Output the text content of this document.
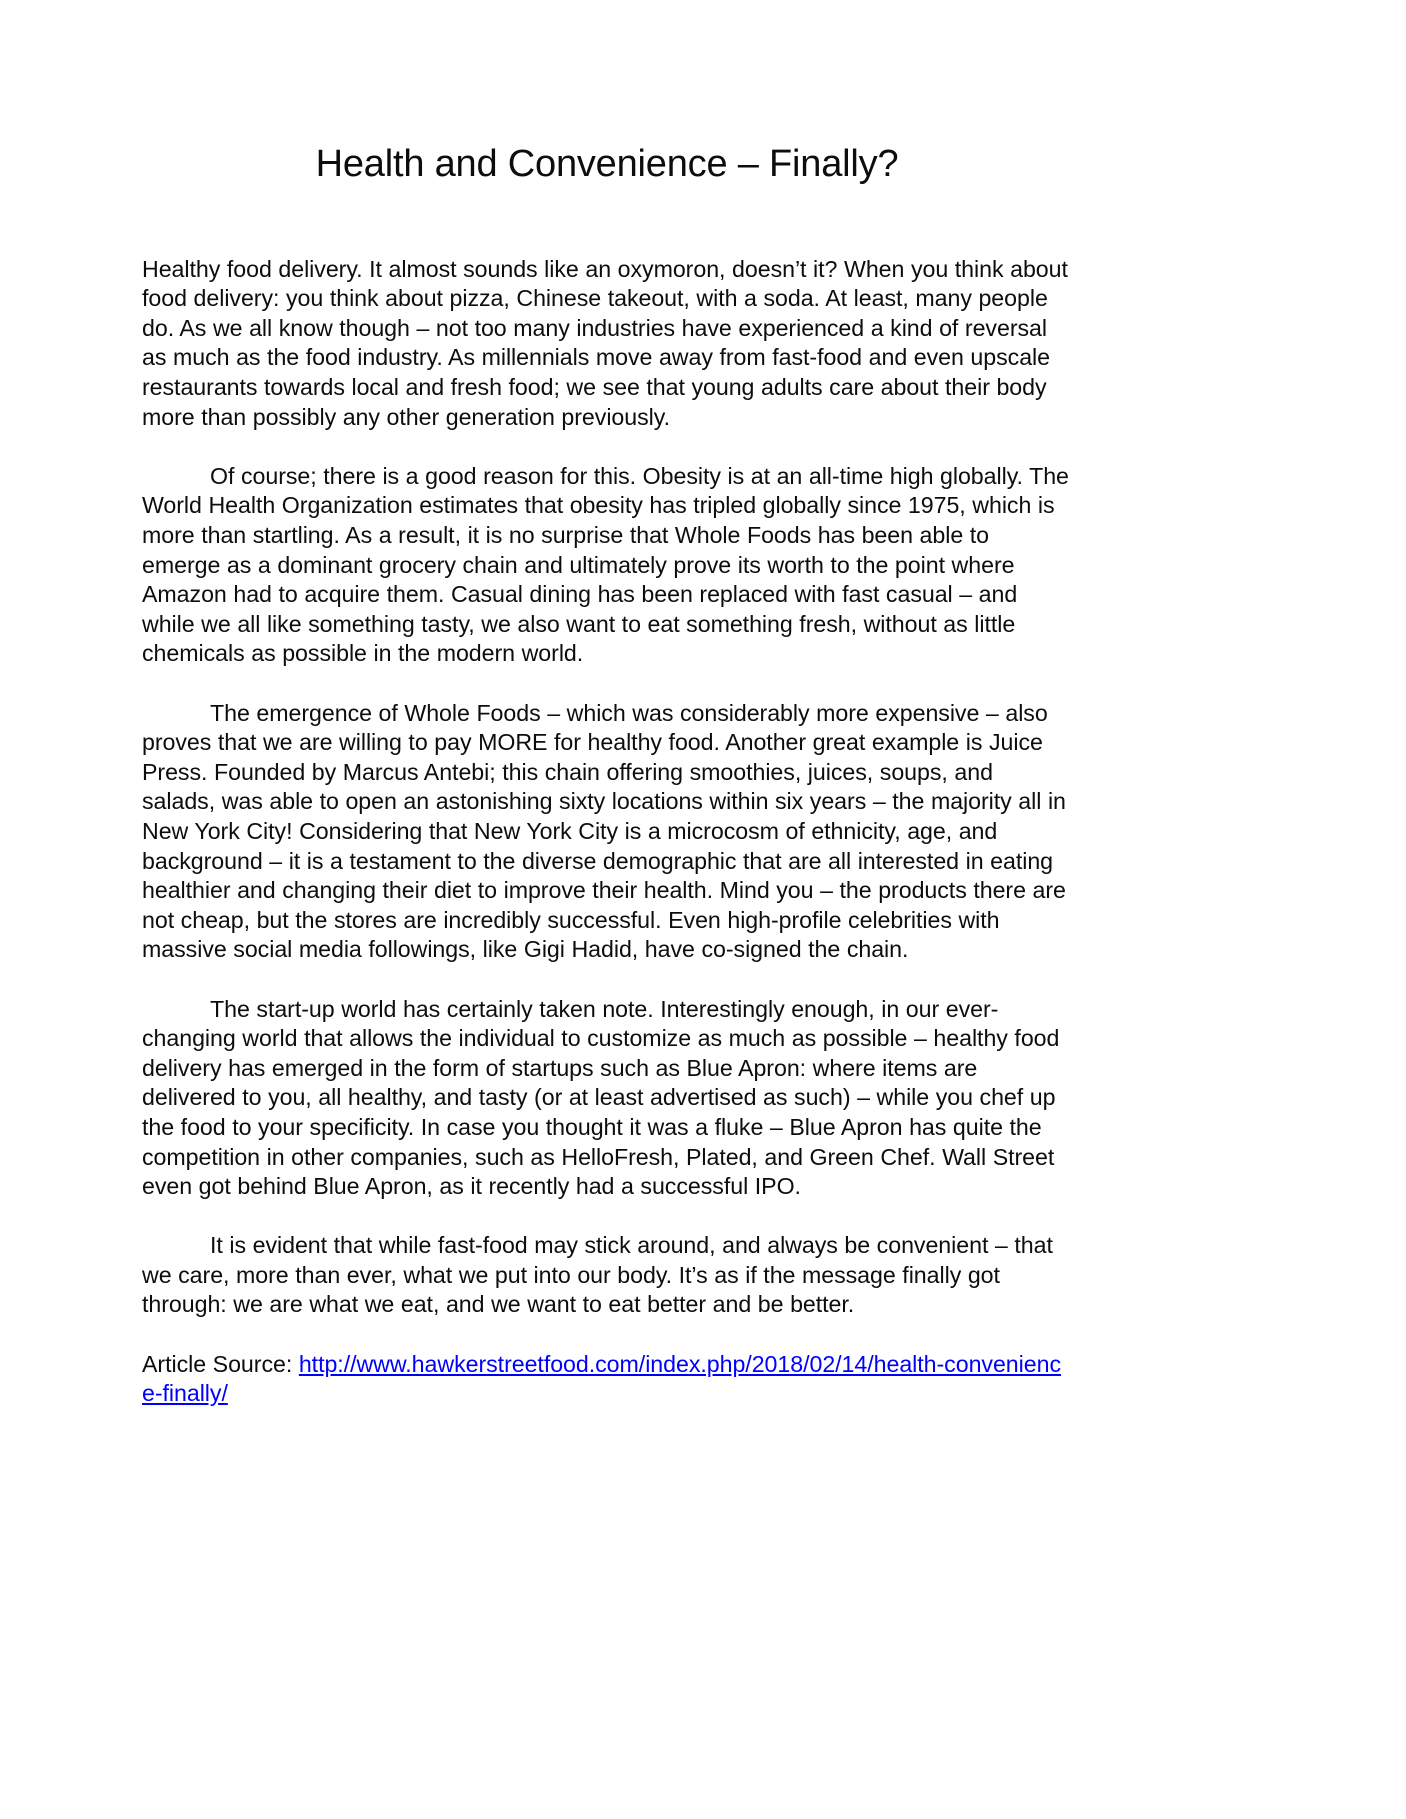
Health and Convenience – Finally?

Healthy food delivery. It almost sounds like an oxymoron, doesn’t it? When you think about food delivery: you think about pizza, Chinese takeout, with a soda. At least, many people do. As we all know though – not too many industries have experienced a kind of reversal as much as the food industry. As millennials move away from fast-food and even upscale restaurants towards local and fresh food; we see that young adults care about their body more than possibly any other generation previously.

Of course; there is a good reason for this. Obesity is at an all-time high globally. The World Health Organization estimates that obesity has tripled globally since 1975, which is more than startling. As a result, it is no surprise that Whole Foods has been able to emerge as a dominant grocery chain and ultimately prove its worth to the point where Amazon had to acquire them. Casual dining has been replaced with fast casual – and while we all like something tasty, we also want to eat something fresh, without as little chemicals as possible in the modern world.

The emergence of Whole Foods – which was considerably more expensive – also proves that we are willing to pay MORE for healthy food. Another great example is Juice Press. Founded by Marcus Antebi; this chain offering smoothies, juices, soups, and salads, was able to open an astonishing sixty locations within six years – the majority all in New York City! Considering that New York City is a microcosm of ethnicity, age, and background – it is a testament to the diverse demographic that are all interested in eating healthier and changing their diet to improve their health. Mind you – the products there are not cheap, but the stores are incredibly successful. Even high-profile celebrities with massive social media followings, like Gigi Hadid, have co-signed the chain.

The start-up world has certainly taken note. Interestingly enough, in our ever-changing world that allows the individual to customize as much as possible – healthy food delivery has emerged in the form of startups such as Blue Apron: where items are delivered to you, all healthy, and tasty (or at least advertised as such) – while you chef up the food to your specificity. In case you thought it was a fluke – Blue Apron has quite the competition in other companies, such as HelloFresh, Plated, and Green Chef. Wall Street even got behind Blue Apron, as it recently had a successful IPO.

It is evident that while fast-food may stick around, and always be convenient – that we care, more than ever, what we put into our body. It’s as if the message finally got through: we are what we eat, and we want to eat better and be better.

Article Source: http://www.hawkerstreetfood.com/index.php/2018/02/14/health-convenience-finally/
